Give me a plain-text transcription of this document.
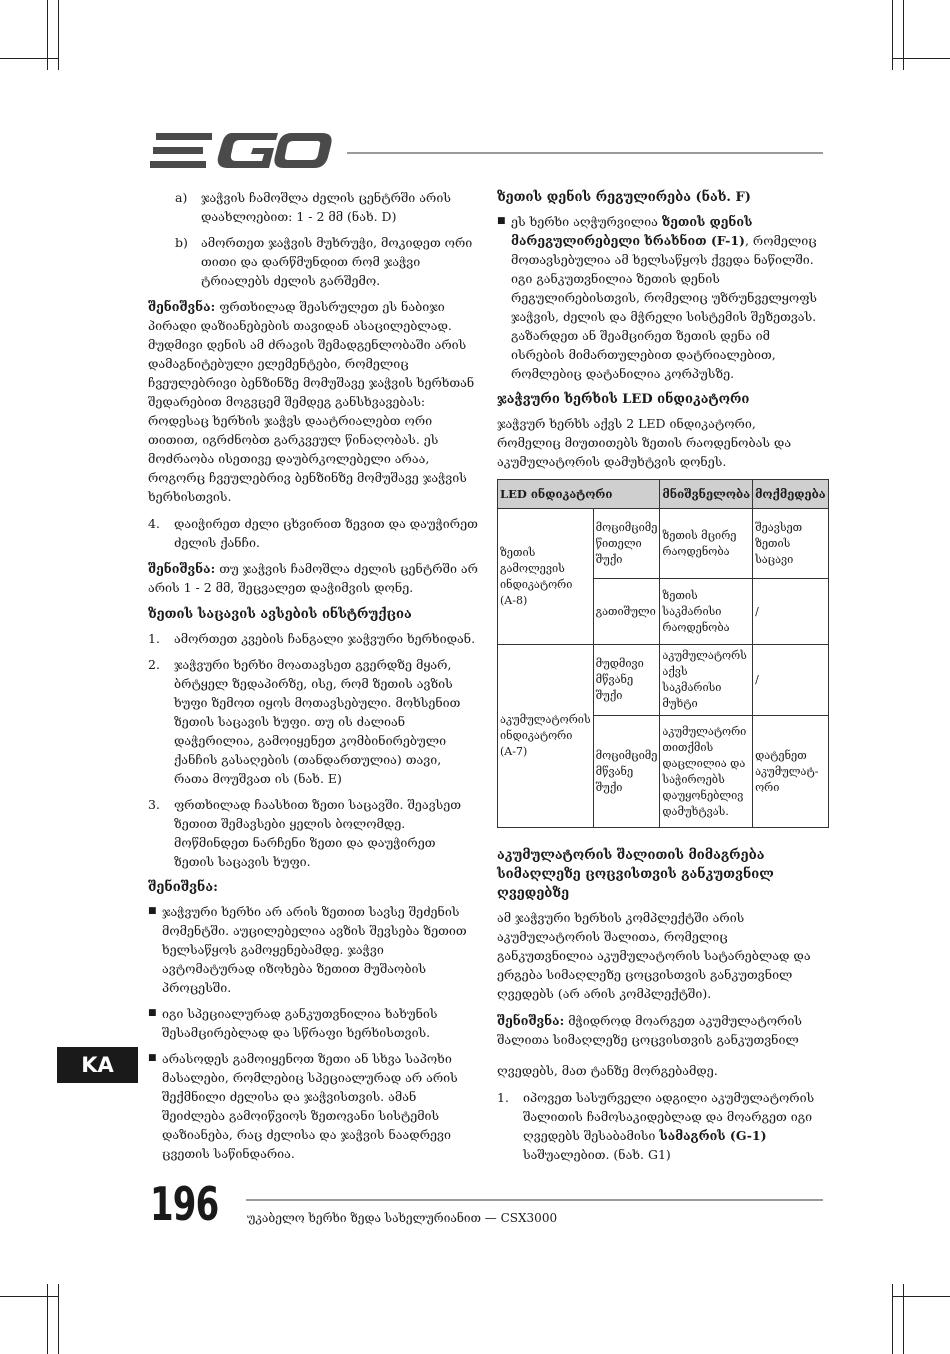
a)	ჯაჭვის ჩამოშლა ძელის ცენტრში არის დაახლოებით: 1 - 2 მმ (ნახ. D)
b)	ამორთეთ ჯაჭვის მუხრუჭი, მოკიდეთ ორი თითი და დარწმუნდით რომ ჯაჭვი ტრიალებს ძელის გარშემო.

შენიშვნა: ფრთხილად შეასრულეთ ეს ნაბიჯი პირადი დაზიანებების თავიდან ასაცილებლად. მუდმივი დენის ამ ძრავის შემადგენლობაში არის დამაგნიტებული ელემენტები, რომელიც ჩვეულებრივი ბენზინზე მომუშავე ჯაჭვის ხერხთან შედარებით მოგვცემ შემდეგ განსხვავებას: როდესაც ხერხის ჯაჭვს დაატრიალებთ ორი თითით, იგრძნობთ გარკვეულ წინაღობას. ეს მოძრაობა ისეთივე დაუბრკოლებელი არაა, როგორც ჩვეულებრივ ბენზინზე მომუშავე ჯაჭვის ხერხისთვის.

4.	დაიჭირეთ ძელი ცხვირით ზევით და დაუჭირეთ ძელის ქანჩი.

შენიშვნა: თუ ჯაჭვის ჩამოშლა ძელის ცენტრში არ არის 1 - 2 მმ, შეცვალეთ დაჭიმვის დონე.

ზეთის საცავის ავსების ინსტრუქცია
1.	ამორთეთ კვების ჩანგალი ჯაჭვური ხერხიდან.
2.	ჯაჭვური ხერხი მოათავსეთ გვერდზე მყარ, ბრტყელ ზედაპირზე, ისე, რომ ზეთის ავზის ხუფი ზემოთ იყოს მოთავსებული. მოხსენით ზეთის საცავის ხუფი. თუ ის ძალიან დაჭერილია, გამოიყენეთ კომბინირებული ქანჩის გასაღების (თანდართულია) თავი, რათა მოუშვათ ის (ნახ. E)
3.	ფრთხილად ჩაასხით ზეთი საცავში. შეავსეთ ზეთით შემავსები ყელის ბოლომდე. მოწმინდეთ ნარჩენი ზეთი და დაუჭირეთ ზეთის საცავის ხუფი.
შენიშვნა:
■ ჯაჭვური ხერხი არ არის ზეთით სავსე შეძენის მომენტში. აუცილებელია ავზის შევსება ზეთით ხელსაწყოს გამოყენებამდე. ჯაჭვი ავტომატურად იზოხება ზეთით მუშაობის პროცესში.
■ იგი სპეციალურად განკუთვნილია ხახუნის შესამცირებლად და სწრაფი ხერხისთვის.
■ არასოდეს გამოიყენოთ ზეთი ან სხვა საპოხი მასალები, რომლებიც სპეციალურად არ არის შექმნილი ძელისა და ჯაჭვისთვის. ამან შეიძლება გამოიწვიოს ზეთოვანი სისტემის დაზიანება, რაც ძელისა და ჯაჭვის ნაადრევი ცვეთის საწინდარია.
ზეთის დენის რეგულირება (ნახ. F)
■ ეს ხერხი აღჭურვილია ზეთის დენის მარეგულირებელი ხრახნით (F-1), რომელიც მოთავსებულია ამ ხელსაწყოს ქვედა ნაწილში. იგი განკუთვნილია ზეთის დენის რეგულირებისთვის, რომელიც უზრუნველყოფს ჯაჭვის, ძელის და მჭრელი სისტემის შეზეთვას. გაზარდეთ ან შეამცირეთ ზეთის დენა იმ ისრების მიმართულებით დატრიალებით, რომლებიც დატანილია კორპუსზე.
ჯაჭვური ხერხის LED ინდიკატორი

ჯაჭვურ ხერხს აქვს 2 LED ინდიკატორი, რომელიც მიუთითებს ზეთის რაოდენობას და აკუმულატორის დამუხტვის დონეს.

LED ინდიკატორი		მნიშვნელობა	მოქმედება
ზეთის გამოლევის ინდიკატორი (A-8)	მოციმციმე წითელი შუქი	ზეთის მცირე რაოდენობა	შეავსეთ ზეთის საცავი
	გათიშული	ზეთის საკმარისი რაოდენობა	/
აკუმულატორის ინდიკატორი (A-7)	მუდმივი მწვანე შუქი	აკუმულატორს აქვს საკმარისი მუხტი	/
	მოციმციმე მწვანე შუქი	აკუმულატორი თითქმის დაცლილია და საჭიროებს დაუყონებლივ დამუხტვას.	დატენეთ აკუმულატ-ორი
აკუმულატორის შალითის მიმაგრება სიმაღლეზე ცოცვისთვის განკუთვნილ ღვედებზე

ამ ჯაჭვური ხერხის კომპლექტში არის აკუმულატორის შალითა, რომელიც განკუთვნილია აკუმულატორის სატარებლად და ერგება სიმაღლეზე ცოცვისთვის განკუთვნილ ღვედებს (არ არის კომპლექტში).

შენიშვნა: მჭიდროდ მოარგეთ აკუმულატორის შალითა სიმაღლეზე ცოცვისთვის განკუთვნილ

ღვედებს, მათ ტანზე მორგებამდე.

1.	იპოვეთ სასურველი ადგილი აკუმულატორის შალითის ჩამოსაკიდებლად და მოარგეთ იგი ღვედებს შესაბამისი სამაგრის (G-1) საშუალებით. (ნახ. G1)
KA
196 უკაბელო ხერხი ზედა სახელურიანით — CSX3000
